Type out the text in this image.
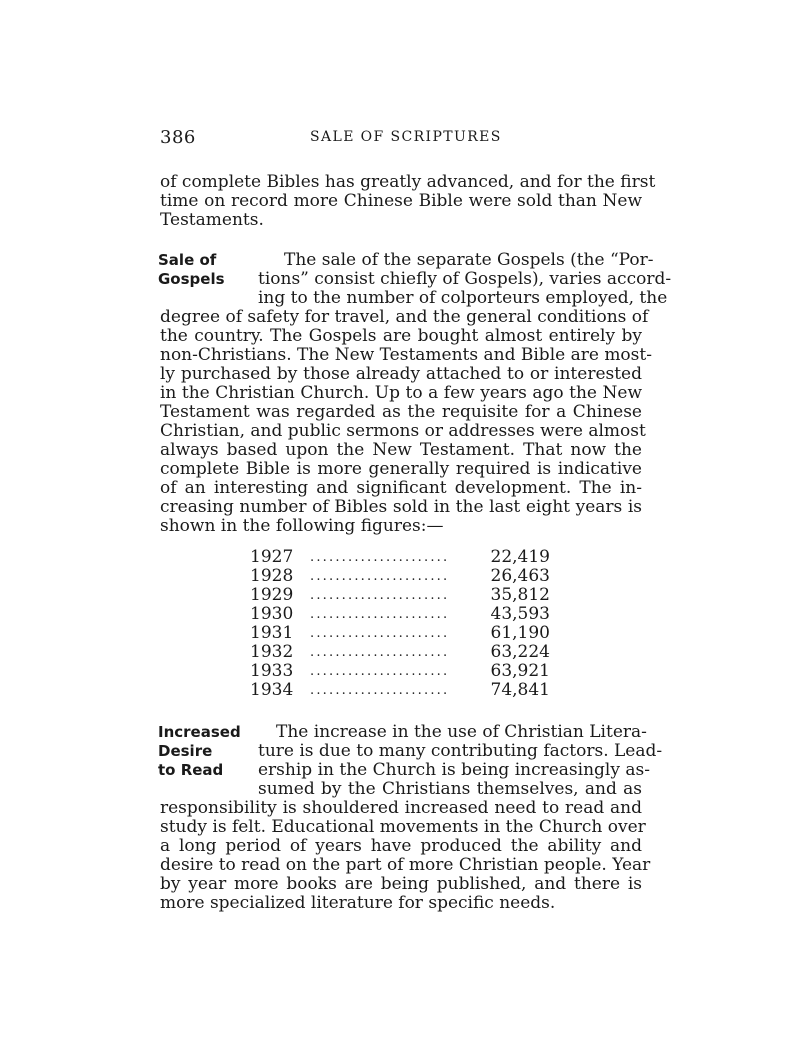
386	SALE OF SCRIPTURES
of complete Bibles has greatly advanced, and for the first
time on record more Chinese Bible were sold than New
Testaments.
Sale of
Gospels
The sale of the separate Gospels (the “Por-
tions” consist chiefly of Gospels), varies accord-
ing to the number of colporteurs employed, the
degree of safety for travel, and the general conditions of
the country. The Gospels are bought almost entirely by
non-Christians. The New Testaments and Bible are most-
ly purchased by those already attached to or interested
in the Christian Church. Up to a few years ago the New
Testament was regarded as the requisite for a Chinese
Christian, and public sermons or addresses were almost
always based upon the New Testament. That now the
complete Bible is more generally required is indicative
of an interesting and significant development. The in-
creasing number of Bibles sold in the last eight years is
shown in the following figures:—
1927 ......................	22,419
1928 ......................	26,463
1929 ......................	35,812
1930 ......................	43,593
1931 ......................	61,190
1932 ......................	63,224
1933 ......................	63,921
1934 ......................	74,841
Increased
Desire
to Read
The increase in the use of Christian Litera-
ture is due to many contributing factors. Lead-
ership in the Church is being increasingly as-
sumed by the Christians themselves, and as
responsibility is shouldered increased need to read and
study is felt. Educational movements in the Church over
a long period of years have produced the ability and
desire to read on the part of more Christian people. Year
by year more books are being published, and there is
more specialized literature for specific needs.
